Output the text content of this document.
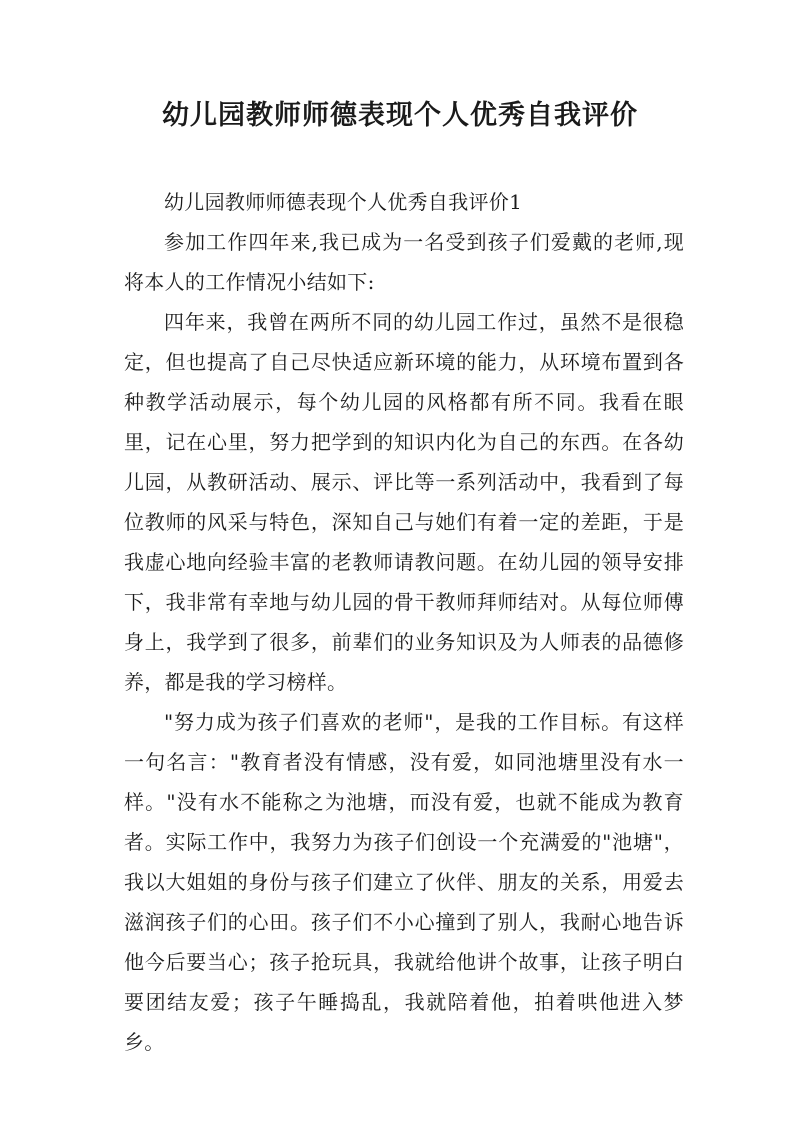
幼儿园教师师德表现个人优秀自我评价

幼儿园教师师德表现个人优秀自我评价1

参加工作四年来,我已成为一名受到孩子们爱戴的老师,现将本人的工作情况小结如下:

四年来，我曾在两所不同的幼儿园工作过，虽然不是很稳定，但也提高了自己尽快适应新环境的能力，从环境布置到各种教学活动展示，每个幼儿园的风格都有所不同。我看在眼里，记在心里，努力把学到的知识内化为自己的东西。在各幼儿园，从教研活动、展示、评比等一系列活动中，我看到了每位教师的风采与特色，深知自己与她们有着一定的差距，于是我虚心地向经验丰富的老教师请教问题。在幼儿园的领导安排下，我非常有幸地与幼儿园的骨干教师拜师结对。从每位师傅身上，我学到了很多，前辈们的业务知识及为人师表的品德修养，都是我的学习榜样。

"努力成为孩子们喜欢的老师"，是我的工作目标。有这样一句名言："教育者没有情感，没有爱，如同池塘里没有水一样。"没有水不能称之为池塘，而没有爱，也就不能成为教育者。实际工作中，我努力为孩子们创设一个充满爱的"池塘"，我以大姐姐的身份与孩子们建立了伙伴、朋友的关系，用爱去滋润孩子们的心田。孩子们不小心撞到了别人，我耐心地告诉他今后要当心；孩子抢玩具，我就给他讲个故事，让孩子明白要团结友爱；孩子午睡捣乱，我就陪着他，拍着哄他进入梦乡。
